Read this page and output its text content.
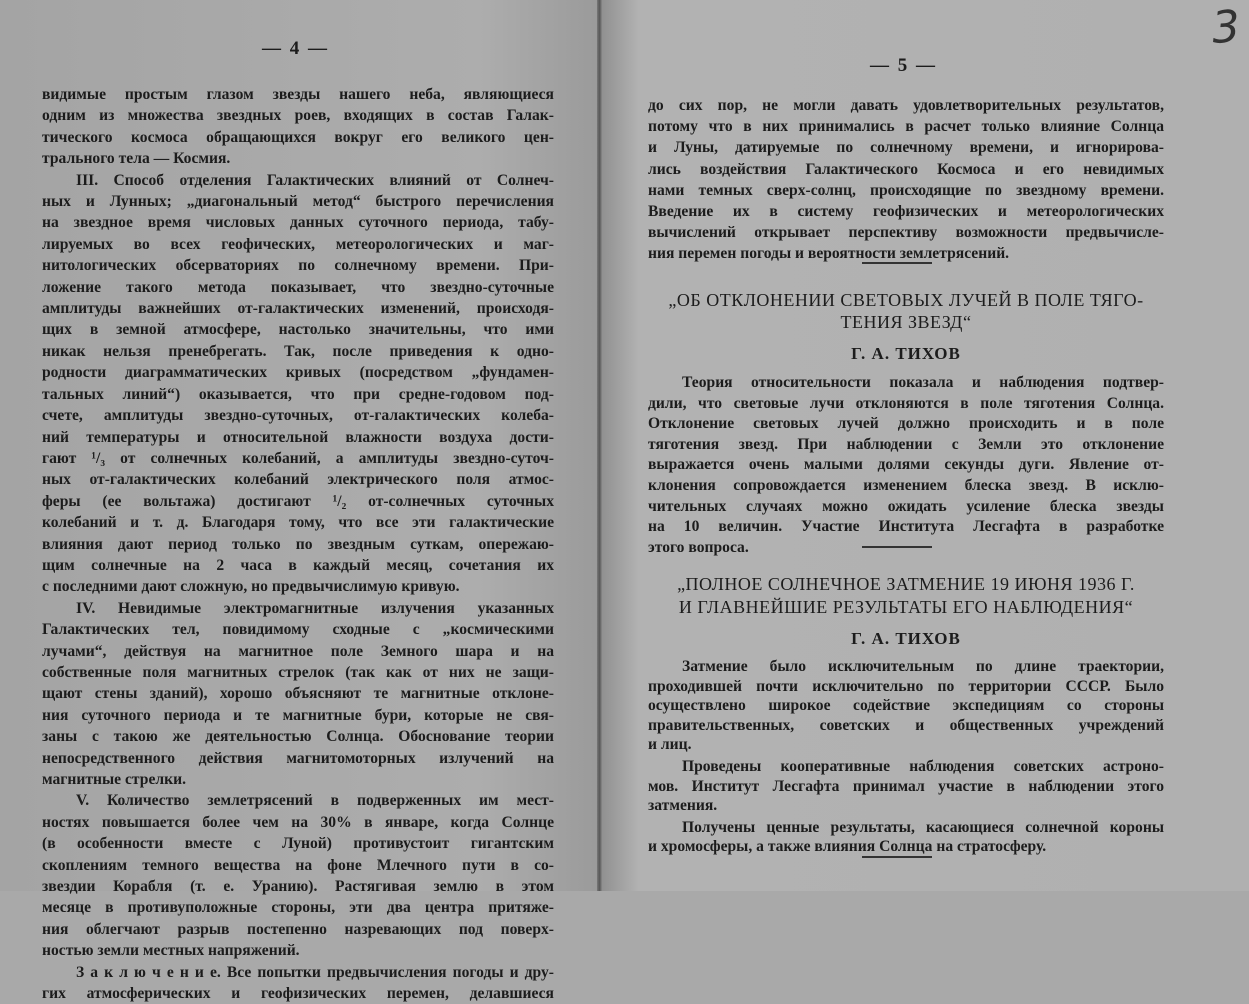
— 4 —
видимые простым глазом звезды нашего неба, являющиеся
одним из множества звездных роев, входящих в состав Галак-
тического космоса обращающихся вокруг его великого цен-
трального тела — Космия.
III. Способ отделения Галактических влияний от Солнеч-
ных и Лунных; „диагональный метод“ быстрого перечисления
на звездное время числовых данных суточного периода, табу-
лируемых во всех геофических, метеорологических и маг-
нитологических обсерваториях по солнечному времени. При-
ложение такого метода показывает, что звездно-суточные
амплитуды важнейших от-галактических изменений, происходя-
щих в земной атмосфере, настолько значительны, что ими
никак нельзя пренебрегать. Так, после приведения к одно-
родности диаграмматических кривых (посредством „фундамен-
тальных линий“) оказывается, что при средне-годовом под-
счете, амплитуды звездно-суточных, от-галактических колеба-
ний температуры и относительной влажности воздуха дости-
гают ¹/₃ от солнечных колебаний, а амплитуды звездно-суточ-
ных от-галактических колебаний электрического поля атмос-
феры (ее вольтажа) достигают ¹/₂ от-солнечных суточных
колебаний и т. д. Благодаря тому, что все эти галактические
влияния дают период только по звездным суткам, опережаю-
щим солнечные на 2 часа в каждый месяц, сочетания их
с последними дают сложную, но предвычислимую кривую.
IV. Невидимые электромагнитные излучения указанных
Галактических тел, повидимому сходные с „космическими
лучами“, действуя на магнитное поле Земного шара и на
собственные поля магнитных стрелок (так как от них не защи-
щают стены зданий), хорошо объясняют те магнитные отклоне-
ния суточного периода и те магнитные бури, которые не свя-
заны с такою же деятельностью Солнца. Обоснование теории
непосредственного действия магнитомоторных излучений на
магнитные стрелки.
V. Количество землетрясений в подверженных им мест-
ностях повышается более чем на 30% в январе, когда Солнце
(в особенности вместе с Луной) противустоит гигантским
скоплениям темного вещества на фоне Млечного пути в со-
звездии Корабля (т. е. Уранию). Растягивая землю в этом
месяце в противуположные стороны, эти два центра притяже-
ния облегчают разрыв постепенно назревающих под поверх-
ностью земли местных напряжений.
З а к л ю ч е н и е. Все попытки предвычисления погоды и дру-
гих атмосферических и геофизических перемен, делавшиеся
— 5 —
до сих пор, не могли давать удовлетворительных результатов,
потому что в них принимались в расчет только влияние Солнца
и Луны, датируемые по солнечному времени, и игнорирова-
лись воздействия Галактического Космоса и его невидимых
нами темных сверх-солнц, происходящие по звездному времени.
Введение их в систему геофизических и метеорологических
вычислений открывает перспективу возможности предвычисле-
ния перемен погоды и вероятности землетрясений.
„ОБ ОТКЛОНЕНИИ СВЕТОВЫХ ЛУЧЕЙ В ПОЛЕ ТЯГО-
ТЕНИЯ ЗВЕЗД“
Г. А. ТИХОВ
Теория относительности показала и наблюдения подтвер-
дили, что световые лучи отклоняются в поле тяготения Солнца.
Отклонение световых лучей должно происходить и в поле
тяготения звезд. При наблюдении с Земли это отклонение
выражается очень малыми долями секунды дуги. Явление от-
клонения сопровождается изменением блеска звезд. В исклю-
чительных случаях можно ожидать усиление блеска звезды
на 10 величин. Участие Института Лесгафта в разработке
этого вопроса.
„ПОЛНОЕ СОЛНЕЧНОЕ ЗАТМЕНИЕ 19 ИЮНЯ 1936 Г.
И ГЛАВНЕЙШИЕ РЕЗУЛЬТАТЫ ЕГО НАБЛЮДЕНИЯ“
Г. А. ТИХОВ
Затмение было исключительным по длине траектории,
проходившей почти исключительно по территории СССР. Было
осуществлено широкое содействие экспедициям со стороны
правительственных, советских и общественных учреждений
и лиц.
Проведены кооперативные наблюдения советских астроно-
мов. Институт Лесгафта принимал участие в наблюдении этого
затмения.
Получены ценные результаты, касающиеся солнечной короны
и хромосферы, а также влияния Солнца на стратосферу.
3
